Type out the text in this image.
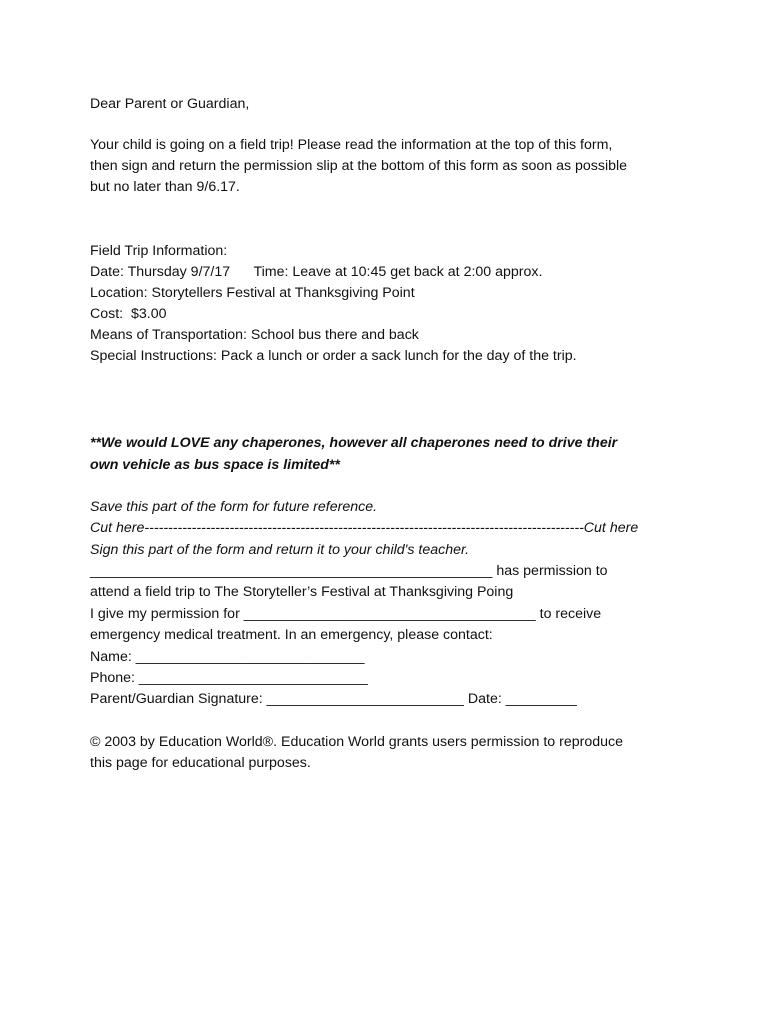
Dear Parent or Guardian,
Your child is going on a field trip! Please read the information at the top of this form,
then sign and return the permission slip at the bottom of this form as soon as possible
but no later than 9/6.17.
Field Trip Information:
Date: Thursday 9/7/17      Time: Leave at 10:45 get back at 2:00 approx.
Location: Storytellers Festival at Thanksgiving Point
Cost:  $3.00
Means of Transportation: School bus there and back
Special Instructions: Pack a lunch or order a sack lunch for the day of the trip.
**We would LOVE any chaperones, however all chaperones need to drive their
own vehicle as bus space is limited**
Save this part of the form for future reference.
Cut here---------------------------------------------------------------------------------------------Cut here
Sign this part of the form and return it to your child's teacher.
___________________________________________________ has permission to
attend a field trip to The Storyteller’s Festival at Thanksgiving Poing
I give my permission for _____________________________________ to receive
emergency medical treatment. In an emergency, please contact:
Name: _____________________________
Phone: _____________________________
Parent/Guardian Signature: _________________________ Date: _________
© 2003 by Education World®. Education World grants users permission to reproduce
this page for educational purposes.
